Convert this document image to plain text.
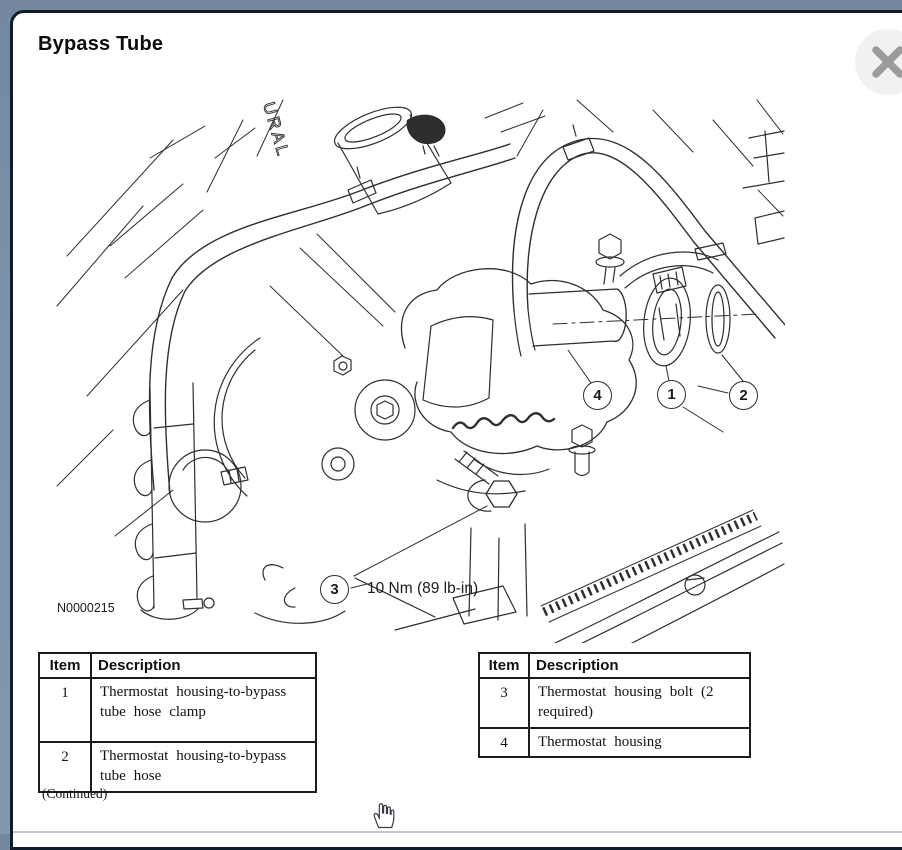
Bypass Tube
URAL
4	1	2
3 10 Nm (89 lb-in)
N0000215
Item	Description
1	Thermostat housing-to-bypass tube hose clamp
2	Thermostat housing-to-bypass tube hose
Item	Description
3	Thermostat housing bolt (2 required)
4	Thermostat housing
(Continued)
